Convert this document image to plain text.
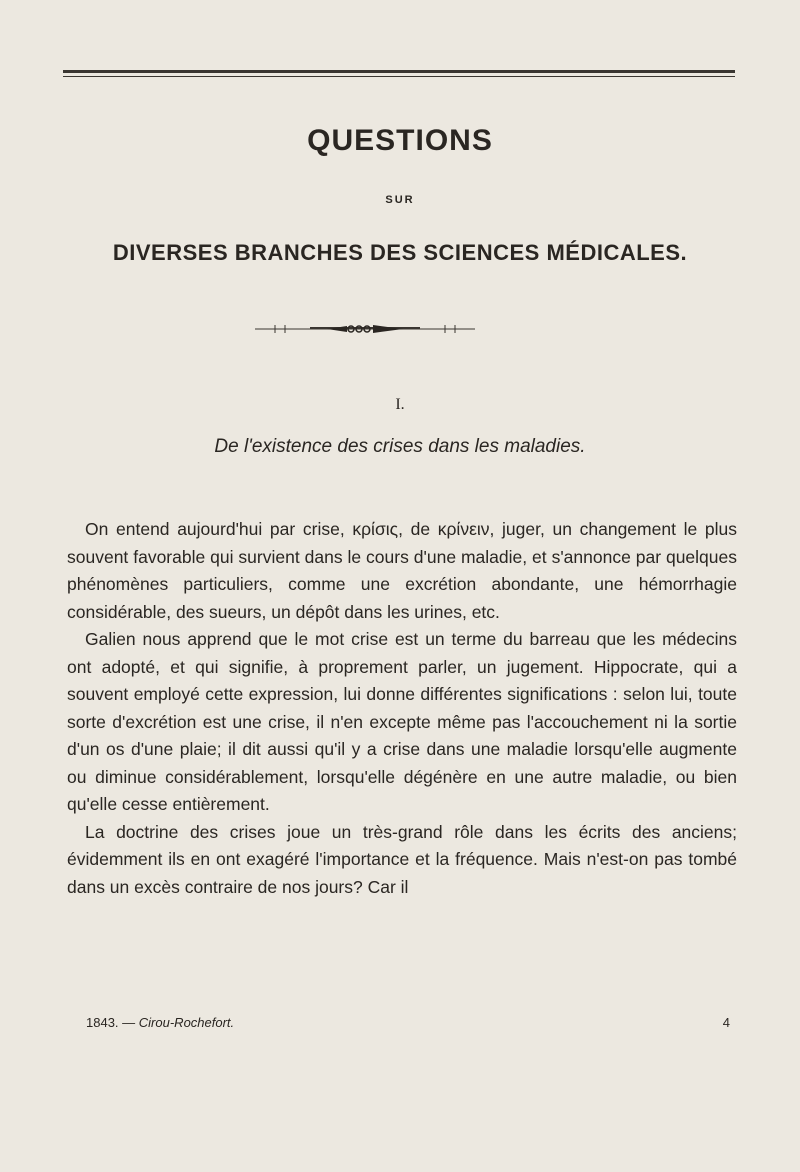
QUESTIONS
SUR
DIVERSES BRANCHES DES SCIENCES MÉDICALES.
I.
De l'existence des crises dans les maladies.

On entend aujourd'hui par crise, κρίσις, de κρίνειν, juger, un changement le plus souvent favorable qui survient dans le cours d'une maladie, et s'annonce par quelques phénomènes particuliers, comme une excrétion abondante, une hémorrhagie considérable, des sueurs, un dépôt dans les urines, etc.

Galien nous apprend que le mot crise est un terme du barreau que les médecins ont adopté, et qui signifie, à proprement parler, un jugement. Hippocrate, qui a souvent employé cette expression, lui donne différentes significations : selon lui, toute sorte d'excrétion est une crise, il n'en excepte même pas l'accouchement ni la sortie d'un os d'une plaie; il dit aussi qu'il y a crise dans une maladie lorsqu'elle augmente ou diminue considérablement, lorsqu'elle dégénère en une autre maladie, ou bien qu'elle cesse entièrement.

La doctrine des crises joue un très-grand rôle dans les écrits des anciens; évidemment ils en ont exagéré l'importance et la fréquence. Mais n'est-on pas tombé dans un excès contraire de nos jours? Car il

1843. — Cirou-Rochefort.	4
